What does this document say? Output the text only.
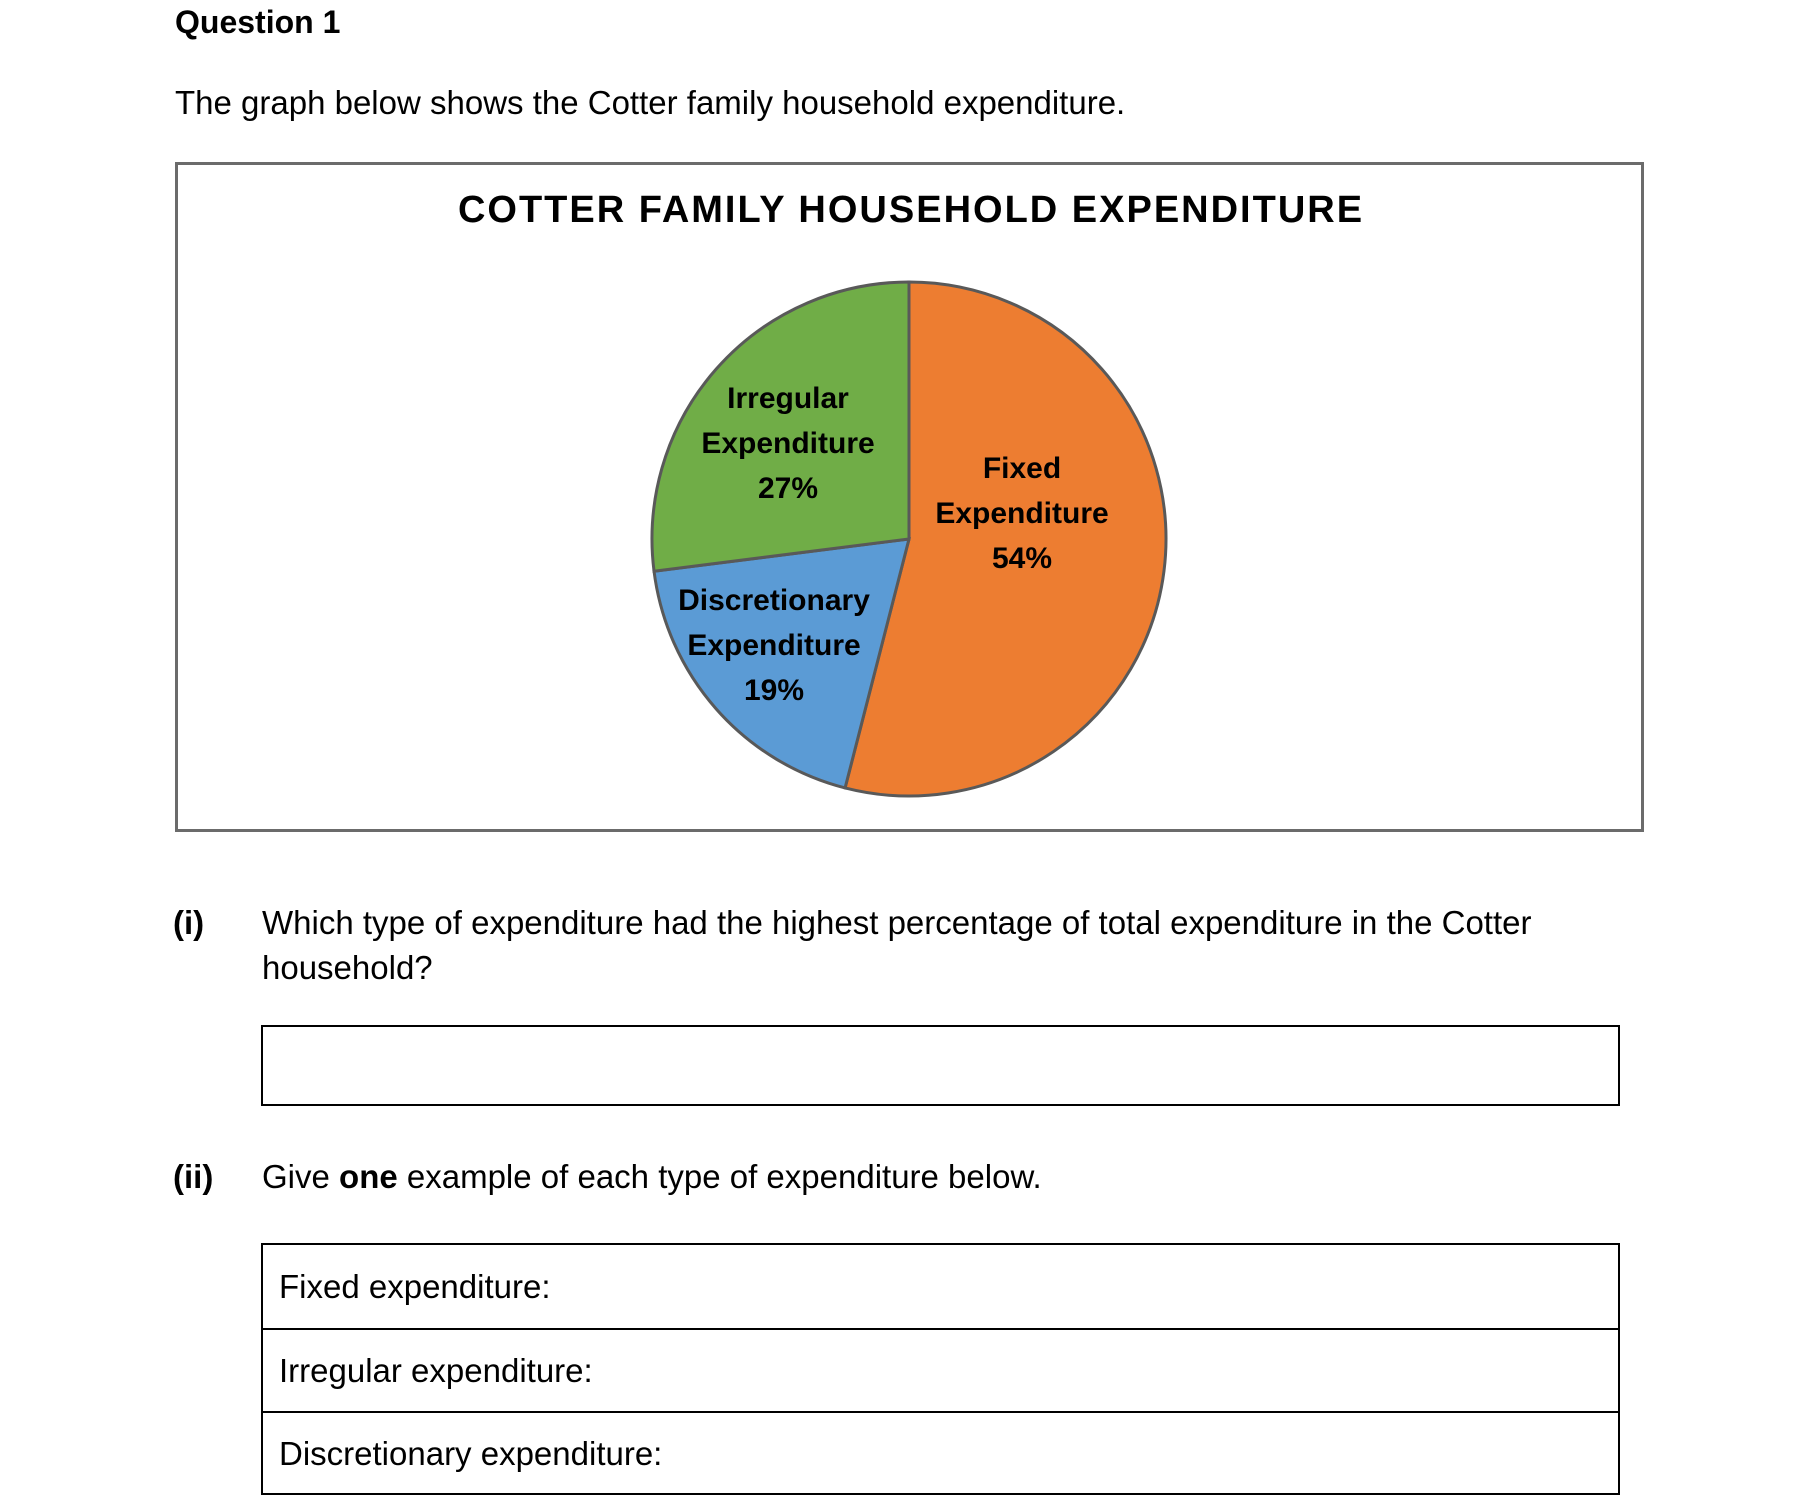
Question 1
The graph below shows the Cotter family household expenditure.
COTTER FAMILY HOUSEHOLD EXPENDITURE
Fixed Expenditure 54%
Discretionary Expenditure 19%
Irregular Expenditure 27%
(i) Which type of expenditure had the highest percentage of total expenditure in the Cotter household?
(ii) Give one example of each type of expenditure below.
Fixed expenditure:
Irregular expenditure:
Discretionary expenditure:
